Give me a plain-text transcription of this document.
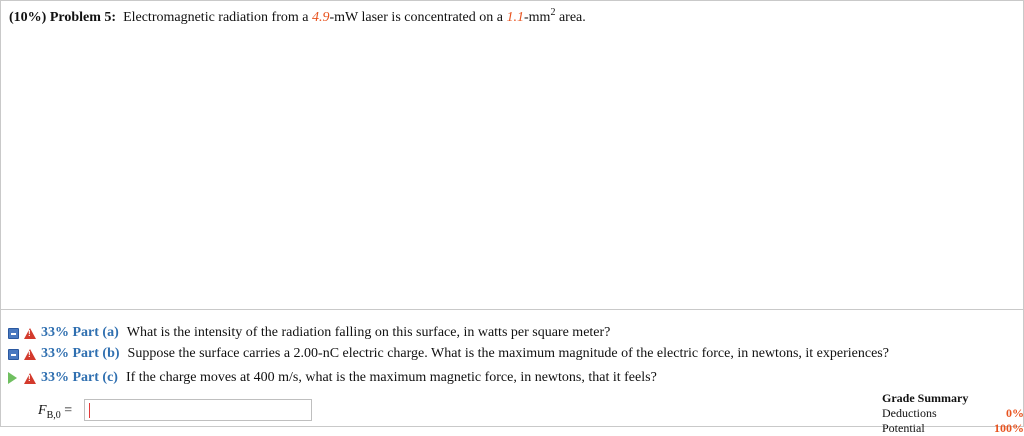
(10%) Problem 5: Electromagnetic radiation from a 4.9-mW laser is concentrated on a $1.1-mm^2$ area.
! 33% Part (a) What is the intensity of the radiation falling on this surface, in watts per square meter?
! 33% Part (b) Suppose the surface carries a 2.00-nC electric charge. What is the maximum magnitude of the electric force, in newtons, it experiences?
! 33% Part (c) If the charge moves at 400 m/s, what is the maximum magnetic force, in newtons, that it feels?
$F_{B,0}$ =
Grade Summary
Deductions	0%
Potential	100%
